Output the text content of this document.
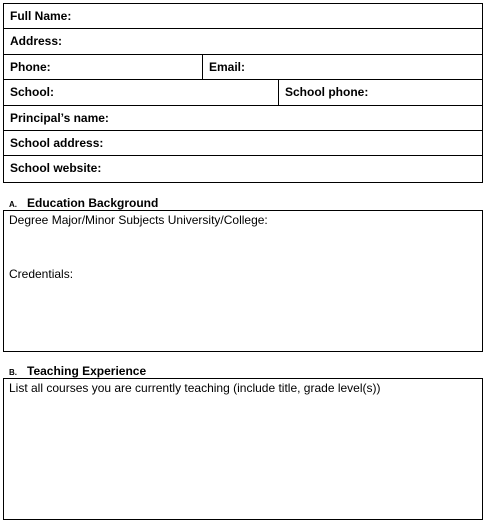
Full Name:
Address:
Phone:	Email:
School:	School phone:
Principal’s name:
School address:
School website:
A. Education Background
Degree Major/Minor Subjects University/College:
Credentials:
B. Teaching Experience
List all courses you are currently teaching (include title, grade level(s))
